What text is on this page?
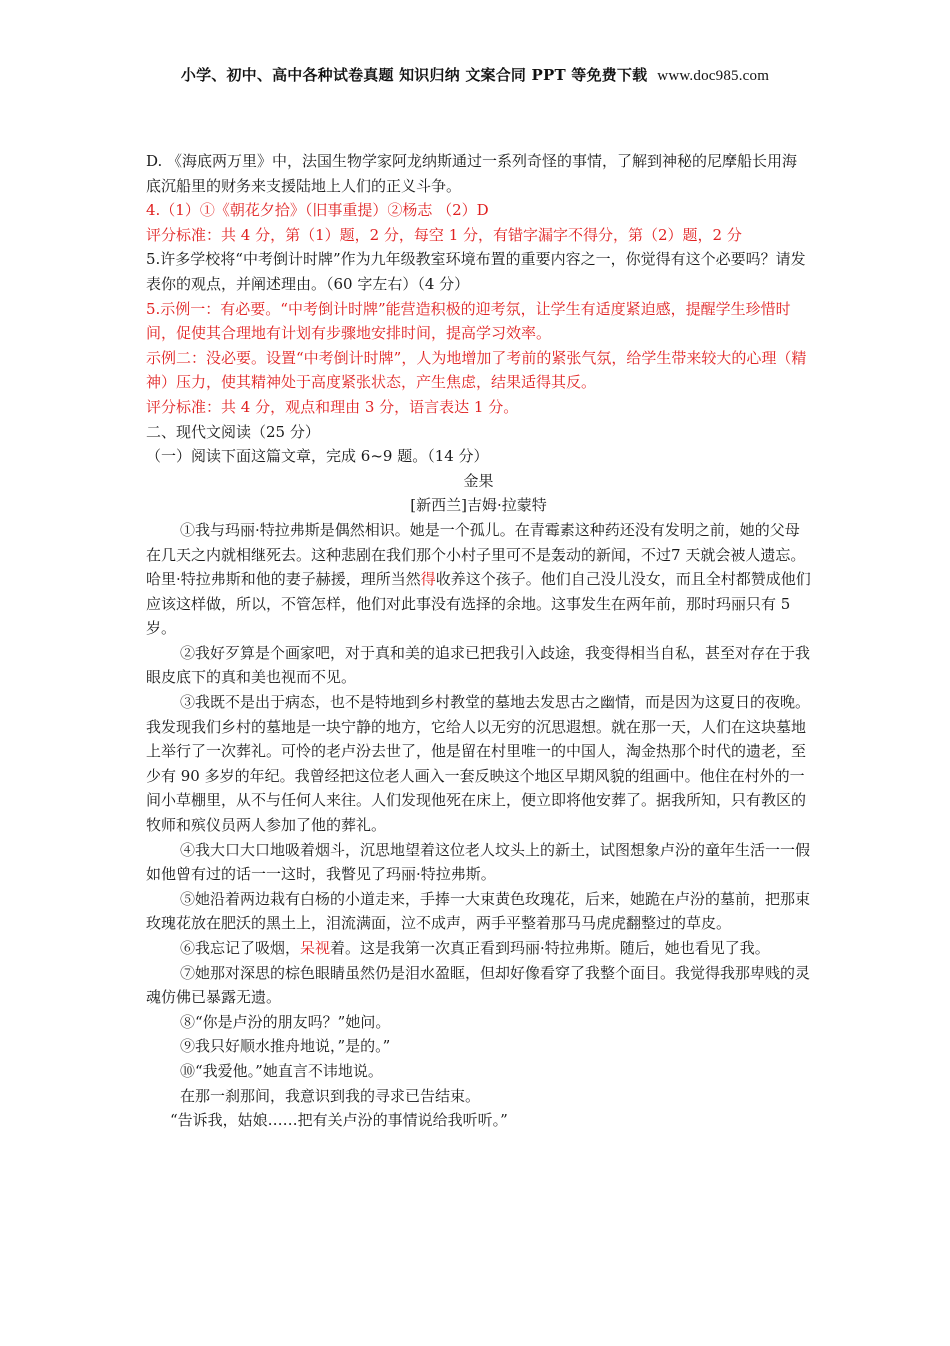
小学、初中、高中各种试卷真题 知识归纳 文案合同 PPT 等免费下载 www.doc985.com

D. 《海底两万里》中，法国生物学家阿龙纳斯通过一系列奇怪的事情，了解到神秘的尼摩船长用海底沉船里的财务来支援陆地上人们的正义斗争。

4.（1）①《朝花夕拾》（旧事重提）②杨志 （2）D

评分标准：共 4 分，第（1）题，2 分，每空 1 分，有错字漏字不得分，第（2）题，2 分

5.许多学校将“中考倒计时牌”作为九年级教室环境布置的重要内容之一，你觉得有这个必要吗？请发表你的观点，并阐述理由。（60 字左右）（4 分）

5.示例一：有必要。“中考倒计时牌”能营造积极的迎考氛，让学生有适度紧迫感，提醒学生珍惜时间，促使其合理地有计划有步骤地安排时间，提高学习效率。

示例二：没必要。设置“中考倒计时牌”，人为地增加了考前的紧张气氛，给学生带来较大的心理（精神）压力，使其精神处于高度紧张状态，产生焦虑，结果适得其反。

评分标准：共 4 分，观点和理由 3 分，语言表达 1 分。

二、现代文阅读（25 分）

（一）阅读下面这篇文章，完成 6~9 题。（14 分）

金果

[新西兰]吉姆·拉蒙特

①我与玛丽·特拉弗斯是偶然相识。她是一个孤儿。在青霉素这种药还没有发明之前，她的父母在几天之内就相继死去。这种悲剧在我们那个小村子里可不是轰动的新闻，不过7 天就会被人遗忘。哈里·特拉弗斯和他的妻子赫援，理所当然得收养这个孩子。他们自己没儿没女，而且全村都赞成他们应该这样做，所以，不管怎样，他们对此事没有选择的余地。这事发生在两年前，那时玛丽只有 5 岁。

②我好歹算是个画家吧，对于真和美的追求已把我引入歧途，我变得相当自私，甚至对存在于我眼皮底下的真和美也视而不见。

③我既不是出于病态，也不是特地到乡村教堂的墓地去发思古之幽情，而是因为这夏日的夜晚。我发现我们乡村的墓地是一块宁静的地方，它给人以无穷的沉思遐想。就在那一天，人们在这块墓地上举行了一次葬礼。可怜的老卢汾去世了，他是留在村里唯一的中国人，淘金热那个时代的遗老，至少有 90 多岁的年纪。我曾经把这位老人画入一套反映这个地区早期风貌的组画中。他住在村外的一间小草棚里，从不与任何人来往。人们发现他死在床上，便立即将他安葬了。据我所知，只有教区的牧师和殡仪员两人参加了他的葬礼。

④我大口大口地吸着烟斗，沉思地望着这位老人坟头上的新土，试图想象卢汾的童年生活一一假如他曾有过的话一一这时，我瞥见了玛丽·特拉弗斯。

⑤她沿着两边栽有白杨的小道走来，手捧一大束黄色玫瑰花，后来，她跪在卢汾的墓前，把那束玫瑰花放在肥沃的黑土上，泪流满面，泣不成声，两手平整着那马马虎虎翻整过的草皮。

⑥我忘记了吸烟，呆视着。这是我第一次真正看到玛丽·特拉弗斯。随后，她也看见了我。

⑦她那对深思的棕色眼睛虽然仍是泪水盈眶，但却好像看穿了我整个面目。我觉得我那卑贱的灵魂仿佛已暴露无遗。

⑧“你是卢汾的朋友吗？”她问。

⑨我只好顺水推舟地说，”是的。”

⑩“我爱他。”她直言不讳地说。

在那一刹那间，我意识到我的寻求已告结束。

“告诉我，姑娘……把有关卢汾的事情说给我听听。”
